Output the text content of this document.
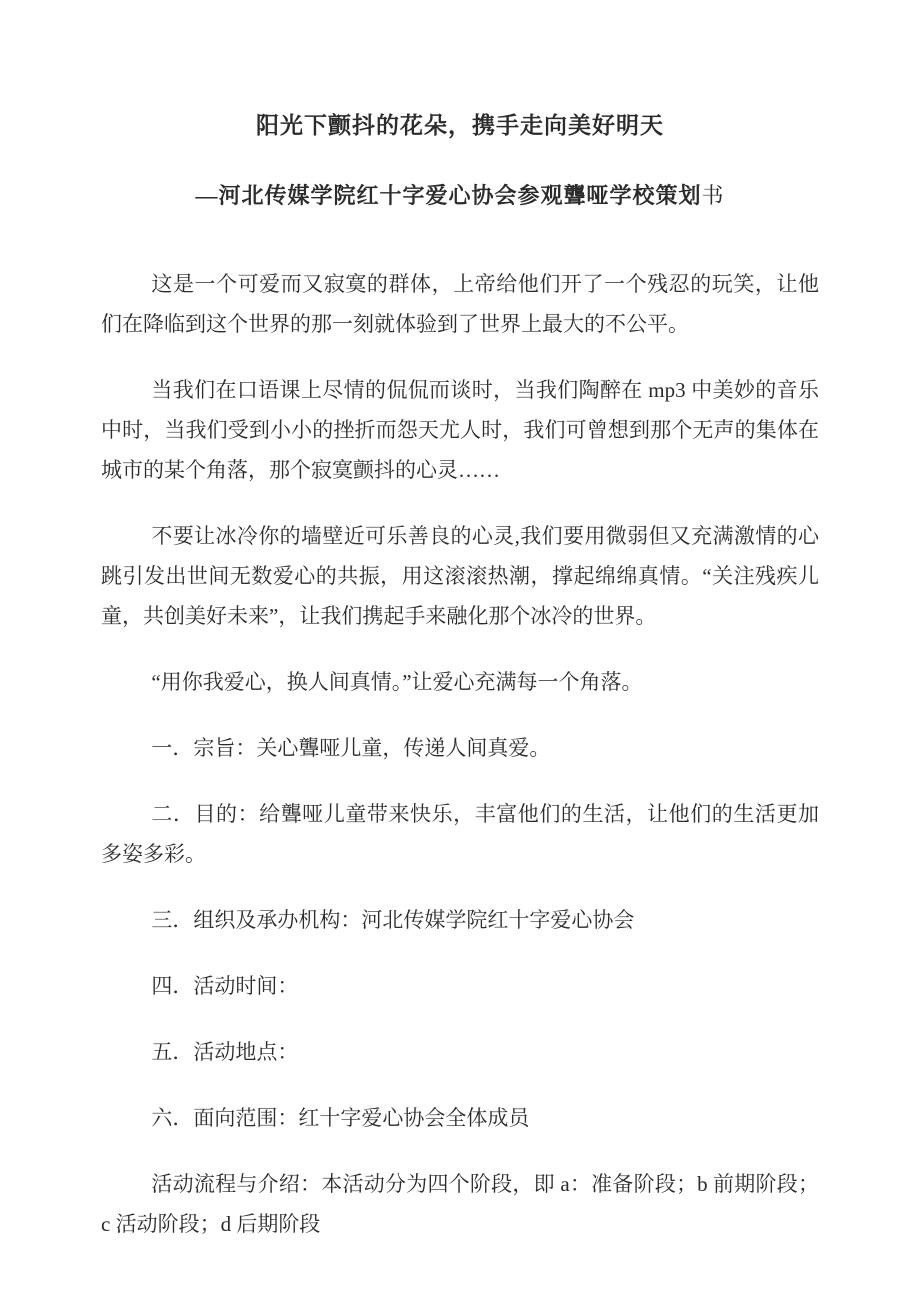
阳光下颤抖的花朵，携手走向美好明天
—河北传媒学院红十字爱心协会参观聾哑学校策划书

这是一个可爱而又寂寞的群体，上帝给他们开了一个残忍的玩笑，让他们在降临到这个世界的那一刻就体验到了世界上最大的不公平。

当我们在口语课上尽情的侃侃而谈时，当我们陶醉在 mp3 中美妙的音乐中时，当我们受到小小的挫折而怨天尤人时，我们可曾想到那个无声的集体在城市的某个角落，那个寂寞颤抖的心灵……

不要让冰冷你的墙壁近可乐善良的心灵,我们要用微弱但又充满激情的心跳引发出世间无数爱心的共振，用这滚滚热潮，撑起绵绵真情。“关注残疾儿童，共创美好未来”，让我们携起手来融化那个冰冷的世界。

“用你我爱心，换人间真情。”让爱心充满每一个角落。

一．宗旨：关心聾哑儿童，传递人间真爱。

二．目的：给聾哑儿童带来快乐，丰富他们的生活，让他们的生活更加多姿多彩。

三．组织及承办机构：河北传媒学院红十字爱心协会

四．活动时间：

五．活动地点：

六．面向范围：红十字爱心协会全体成员

活动流程与介绍：本活动分为四个阶段，即 a：准备阶段；b 前期阶段；c 活动阶段；d 后期阶段
